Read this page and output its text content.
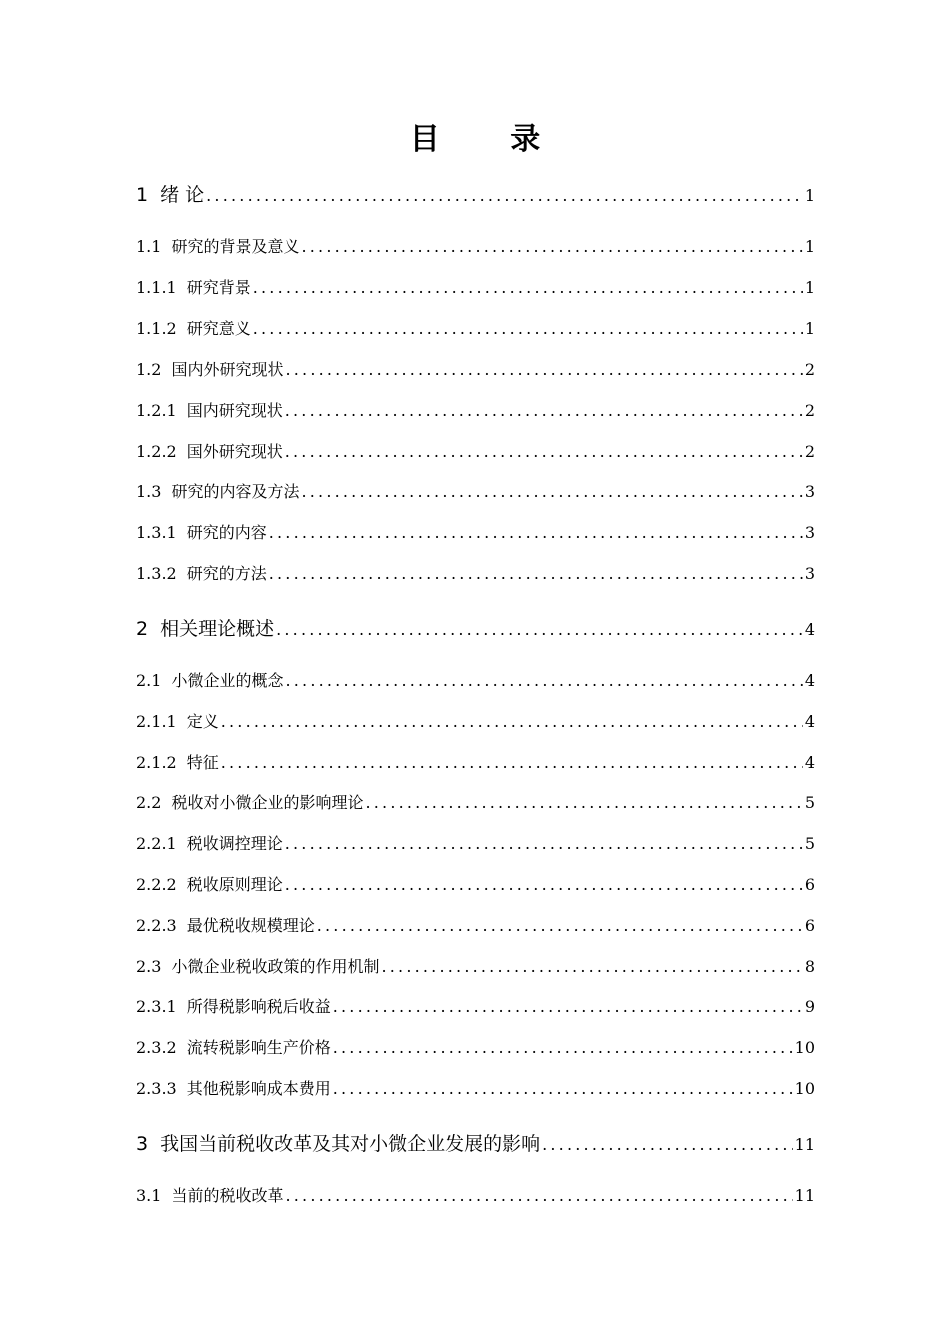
目 录
1 绪 论 .....	1
1.1 研究的背景及意义 .....	1
1.1.1 研究背景 .....	1
1.1.2 研究意义 .....	1
1.2 国内外研究现状 .....	2
1.2.1 国内研究现状 .....	2
1.2.2 国外研究现状 .....	2
1.3 研究的内容及方法 .....	3
1.3.1 研究的内容 .....	3
1.3.2 研究的方法 .....	3
2 相关理论概述 .....	4
2.1 小微企业的概念 .....	4
2.1.1 定义 .....	4
2.1.2 特征 .....	4
2.2 税收对小微企业的影响理论 .....	5
2.2.1 税收调控理论 .....	5
2.2.2 税收原则理论 .....	6
2.2.3 最优税收规模理论 .....	6
2.3 小微企业税收政策的作用机制 .....	8
2.3.1 所得税影响税后收益 .....	9
2.3.2 流转税影响生产价格 .....	10
2.3.3 其他税影响成本费用 .....	10
3 我国当前税收改革及其对小微企业发展的影响 .....	11
3.1 当前的税收改革 .....	11
